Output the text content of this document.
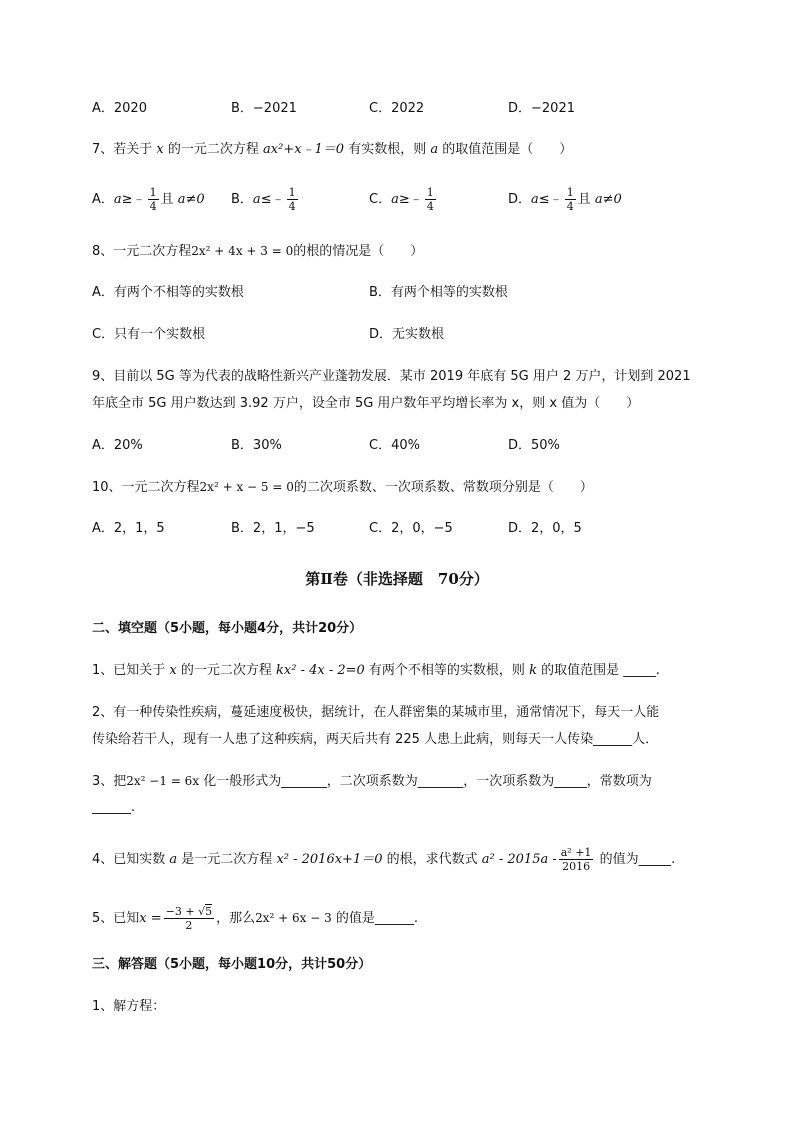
A．2020	B．−2021	C．2022	D．−2021
7、若关于 x 的一元二次方程 ax²+x﹣1＝0 有实数根，则 a 的取值范围是（　　）
A．a≥﹣ $\frac{1}{4}$ 且 a≠0 B．a≤﹣ $\frac{1}{4}$	C．a≥﹣ $\frac{1}{4}$	D．a≤﹣ $\frac{1}{4}$ 且 a≠0
8、一元二次方程2x² + 4x + 3 = 0的根的情况是（　　）
A．有两个不相等的实数根	B．有两个相等的实数根
C．只有一个实数根	D．无实数根
9、目前以 5G 等为代表的战略性新兴产业蓬勃发展．某市 2019 年底有 5G 用户 2 万户，计划到 2021
年底全市 5G 用户数达到 3.92 万户，设全市 5G 用户数年平均增长率为 x，则 x 值为（　　）
A．20%	B．30%	C．40%	D．50%
10、一元二次方程2x² + x − 5 = 0的二次项系数、一次项系数、常数项分别是（　　）
A．2，1，5	B．2，1，−5	C．2，0，−5	D．2，0，5
第Ⅱ卷（非选择题　70分）
二、填空题（5小题，每小题4分，共计20分）
1、已知关于 x 的一元二次方程 kx² - 4x - 2=0 有两个不相等的实数根，则 k 的取值范围是 _____.
2、有一种传染性疾病，蔓延速度极快，据统计，在人群密集的某城市里，通常情况下，每天一人能
传染给若干人，现有一人患了这种疾病，两天后共有 225 人患上此病，则每天一人传染______人．
3、把2x² −1 = 6x 化一般形式为_______，二次项系数为_______，一次项系数为_____，常数项为
______.
4、已知实数 a 是一元二次方程 x² - 2016x+1＝0 的根，求代数式 $a^2 - 2015a - \frac{\text{a² +1}}{2016}$ 的值为_____.
5、已知$x = \frac{-3 + √5}{2}$ ，那么2x² + 6x − 3 的值是______.
三、解答题（5小题，每小题10分，共计50分）
1、解方程：
